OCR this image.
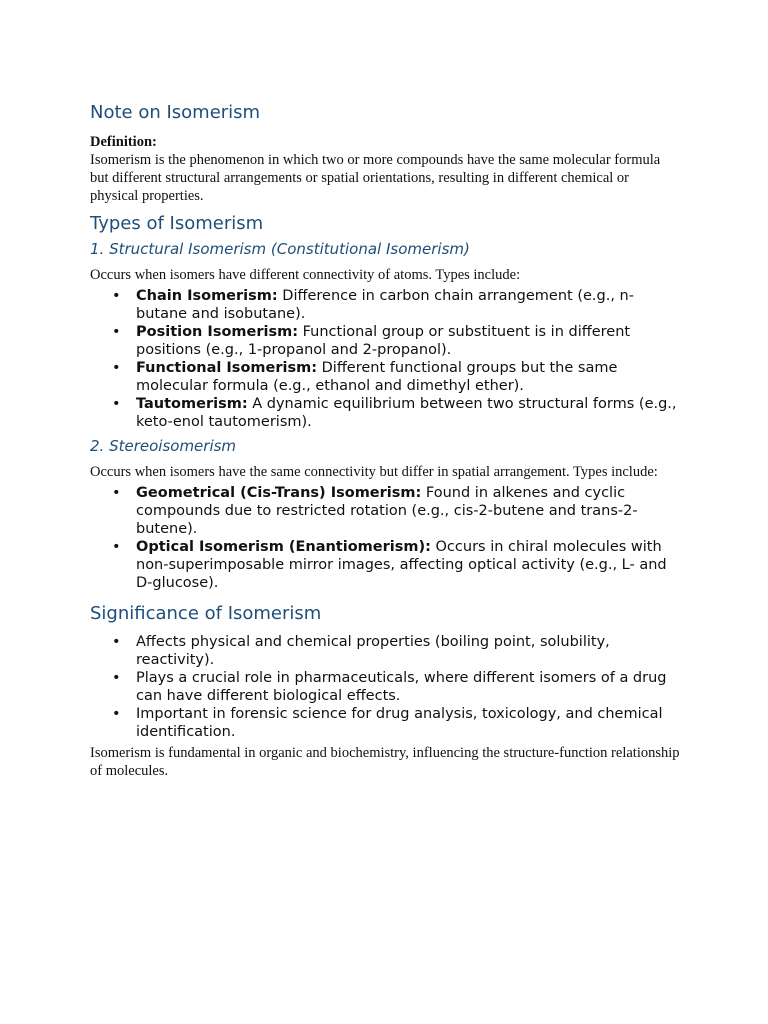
Note on Isomerism

Definition:

Isomerism is the phenomenon in which two or more compounds have the same molecular formula but different structural arrangements or spatial orientations, resulting in different chemical or physical properties.

Types of Isomerism
1. Structural Isomerism (Constitutional Isomerism)

Occurs when isomers have different connectivity of atoms. Types include:

• Chain Isomerism: Difference in carbon chain arrangement (e.g., n-butane and isobutane).
• Position Isomerism: Functional group or substituent is in different positions (e.g., 1-propanol and 2-propanol).
• Functional Isomerism: Different functional groups but the same molecular formula (e.g., ethanol and dimethyl ether).
• Tautomerism: A dynamic equilibrium between two structural forms (e.g., keto-enol tautomerism).
2. Stereoisomerism

Occurs when isomers have the same connectivity but differ in spatial arrangement. Types include:

• Geometrical (Cis-Trans) Isomerism: Found in alkenes and cyclic compounds due to restricted rotation (e.g., cis-2-butene and trans-2-butene).
• Optical Isomerism (Enantiomerism): Occurs in chiral molecules with non-superimposable mirror images, affecting optical activity (e.g., L- and D-glucose).
Significance of Isomerism
• Affects physical and chemical properties (boiling point, solubility, reactivity).
• Plays a crucial role in pharmaceuticals, where different isomers of a drug can have different biological effects.
• Important in forensic science for drug analysis, toxicology, and chemical identification.

Isomerism is fundamental in organic and biochemistry, influencing the structure-function relationship of molecules.
